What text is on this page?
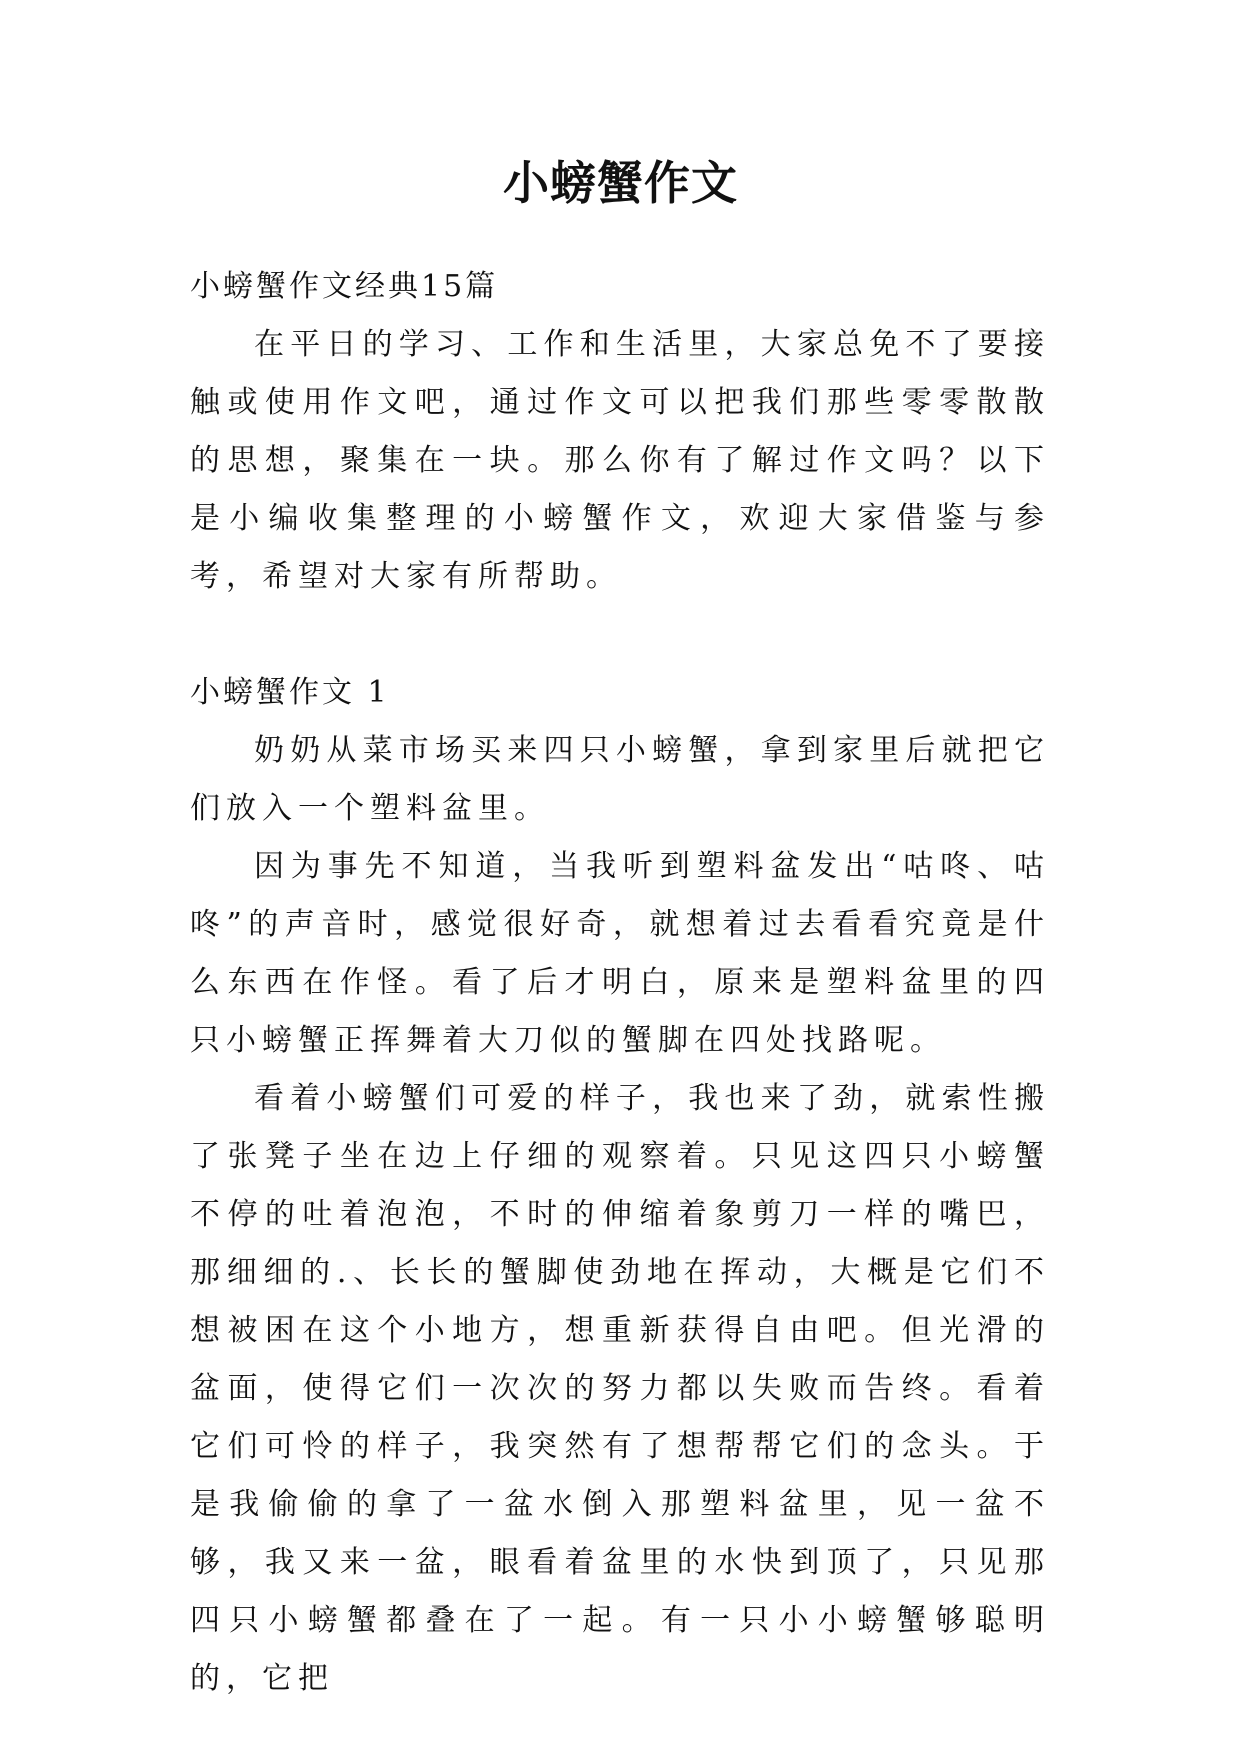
小螃蟹作文

小螃蟹作文经典15篇

在平日的学习、工作和生活里，大家总免不了要接触或使用作文吧，通过作文可以把我们那些零零散散的思想，聚集在一块。那么你有了解过作文吗？以下是小编收集整理的小螃蟹作文，欢迎大家借鉴与参考，希望对大家有所帮助。

小螃蟹作文 1

奶奶从菜市场买来四只小螃蟹，拿到家里后就把它们放入一个塑料盆里。

因为事先不知道，当我听到塑料盆发出“咕咚、咕咚”的声音时，感觉很好奇，就想着过去看看究竟是什么东西在作怪。看了后才明白，原来是塑料盆里的四只小螃蟹正挥舞着大刀似的蟹脚在四处找路呢。

看着小螃蟹们可爱的样子，我也来了劲，就索性搬了张凳子坐在边上仔细的观察着。只见这四只小螃蟹不停的吐着泡泡，不时的伸缩着象剪刀一样的嘴巴，那细细的.、长长的蟹脚使劲地在挥动，大概是它们不想被困在这个小地方，想重新获得自由吧。但光滑的盆面，使得它们一次次的努力都以失败而告终。看着它们可怜的样子，我突然有了想帮帮它们的念头。于是我偷偷的拿了一盆水倒入那塑料盆里，见一盆不够，我又来一盆，眼看着盆里的水快到顶了，只见那四只小螃蟹都叠在了一起。有一只小小螃蟹够聪明的，它把
